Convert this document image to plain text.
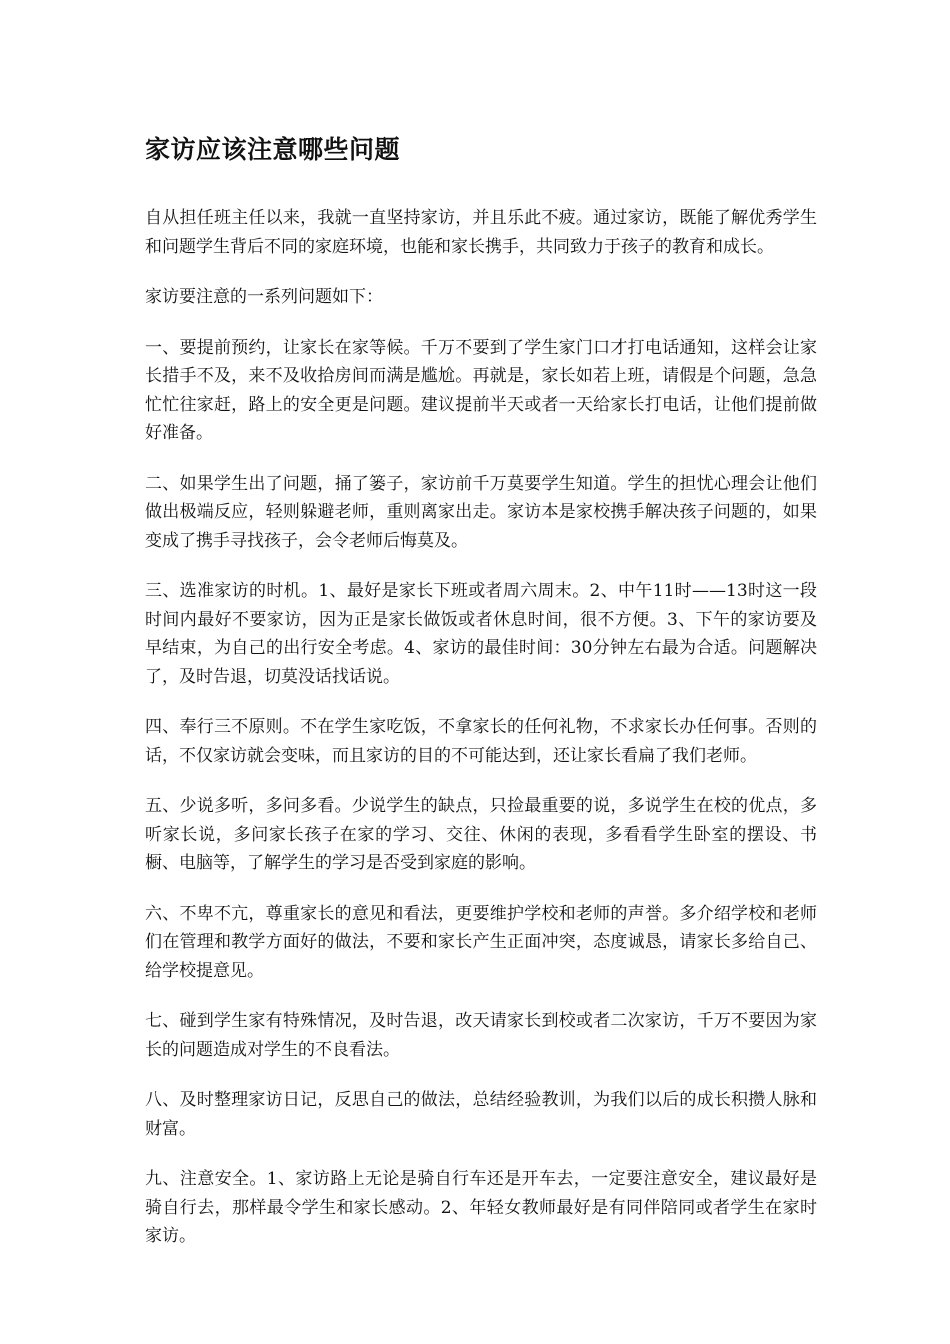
家访应该注意哪些问题

自从担任班主任以来，我就一直坚持家访，并且乐此不疲。通过家访，既能了解优秀学生和问题学生背后不同的家庭环境，也能和家长携手，共同致力于孩子的教育和成长。

家访要注意的一系列问题如下：

一、要提前预约，让家长在家等候。千万不要到了学生家门口才打电话通知，这样会让家长措手不及，来不及收拾房间而满是尴尬。再就是，家长如若上班，请假是个问题，急急忙忙往家赶，路上的安全更是问题。建议提前半天或者一天给家长打电话，让他们提前做好准备。

二、如果学生出了问题，捅了篓子，家访前千万莫要学生知道。学生的担忧心理会让他们做出极端反应，轻则躲避老师，重则离家出走。家访本是家校携手解决孩子问题的，如果变成了携手寻找孩子，会令老师后悔莫及。

三、选准家访的时机。1、最好是家长下班或者周六周末。2、中午11时——13时这一段时间内最好不要家访，因为正是家长做饭或者休息时间，很不方便。3、下午的家访要及早结束，为自己的出行安全考虑。4、家访的最佳时间：30分钟左右最为合适。问题解决了，及时告退，切莫没话找话说。

四、奉行三不原则。不在学生家吃饭，不拿家长的任何礼物，不求家长办任何事。否则的话，不仅家访就会变味，而且家访的目的不可能达到，还让家长看扁了我们老师。

五、少说多听，多问多看。少说学生的缺点，只捡最重要的说，多说学生在校的优点，多听家长说，多问家长孩子在家的学习、交往、休闲的表现，多看看学生卧室的摆设、书橱、电脑等，了解学生的学习是否受到家庭的影响。

六、不卑不亢，尊重家长的意见和看法，更要维护学校和老师的声誉。多介绍学校和老师们在管理和教学方面好的做法，不要和家长产生正面冲突，态度诚恳，请家长多给自己、给学校提意见。

七、碰到学生家有特殊情况，及时告退，改天请家长到校或者二次家访，千万不要因为家长的问题造成对学生的不良看法。

八、及时整理家访日记，反思自己的做法，总结经验教训，为我们以后的成长积攒人脉和财富。

九、注意安全。1、家访路上无论是骑自行车还是开车去，一定要注意安全，建议最好是骑自行去，那样最令学生和家长感动。2、年轻女教师最好是有同伴陪同或者学生在家时家访。
